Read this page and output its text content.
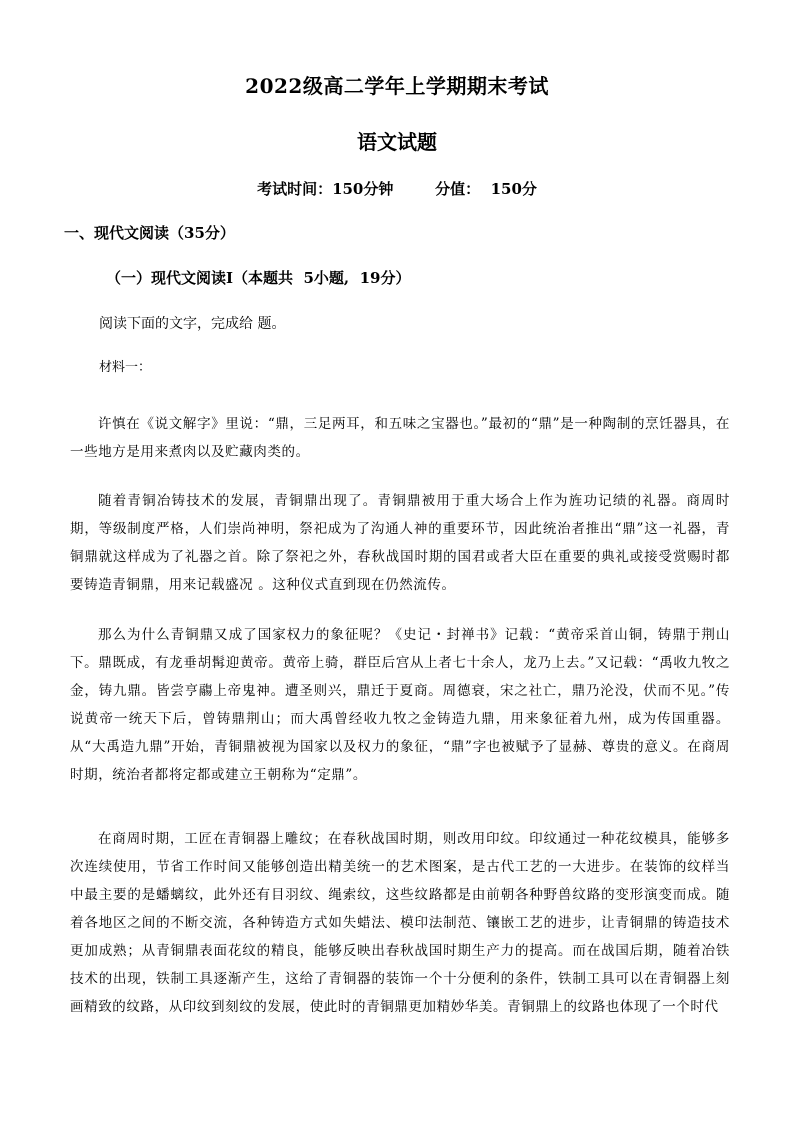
2022级高二学年上学期期末考试
语文试题
考试时间：150分钟	分值：  150分
一、现代文阅读（35分）
（一）现代文阅读Ⅰ（本题共  5小题,  19分）
阅读下面的文字，完成给 题。
材料一：

许慎在《说文解字》里说：“鼎，三足两耳，和五味之宝器也。”最初的“鼎”是一种陶制的烹饪器具，在一些地方是用来煮肉以及贮藏肉类的。

随着青铜冶铸技术的发展，青铜鼎出现了。青铜鼎被用于重大场合上作为旌功记绩的礼器。商周时期，等级制度严格，人们崇尚神明，祭祀成为了沟通人神的重要环节，因此统治者推出“鼎”这一礼器，青铜鼎就这样成为了礼器之首。除了祭祀之外，春秋战国时期的国君或者大臣在重要的典礼或接受赏赐时都要铸造青铜鼎，用来记载盛况 。这种仪式直到现在仍然流传。

那么为什么青铜鼎又成了国家权力的象征呢？《史记・封禅书》记载：“黄帝采首山铜，铸鼎于荆山下。鼎既成，有龙垂胡髯迎黄帝。黄帝上骑，群臣后宫从上者七十余人，龙乃上去。”又记载：“禹收九牧之金，铸九鼎。皆尝亨鬺上帝鬼神。遭圣则兴，鼎迁于夏商。周德衰，宋之社亡，鼎乃沦没，伏而不见。”传说黄帝一统天下后，曾铸鼎荆山；而大禹曾经收九牧之金铸造九鼎，用来象征着九州，成为传国重器。从“大禹造九鼎”开始，青铜鼎被视为国家以及权力的象征，“鼎”字也被赋予了显赫、尊贵的意义。在商周时期，统治者都将定都或建立王朝称为“定鼎”。

在商周时期，工匠在青铜器上雕纹；在春秋战国时期，则改用印纹。印纹通过一种花纹模具，能够多次连续使用，节省工作时间又能够创造出精美统一的艺术图案，是古代工艺的一大进步。在装饰的纹样当中最主要的是蟠螭纹，此外还有目羽纹、绳索纹，这些纹路都是由前朝各种野兽纹路的变形演变而成。随着各地区之间的不断交流，各种铸造方式如失蜡法、模印法制范、镶嵌工艺的进步，让青铜鼎的铸造技术更加成熟；从青铜鼎表面花纹的精良，能够反映出春秋战国时期生产力的提高。而在战国后期，随着冶铁技术的出现，铁制工具逐渐产生，这给了青铜器的装饰一个十分便利的条件，铁制工具可以在青铜器上刻画精致的纹路，从印纹到刻纹的发展，使此时的青铜鼎更加精妙华美。青铜鼎上的纹路也体现了一个时代
